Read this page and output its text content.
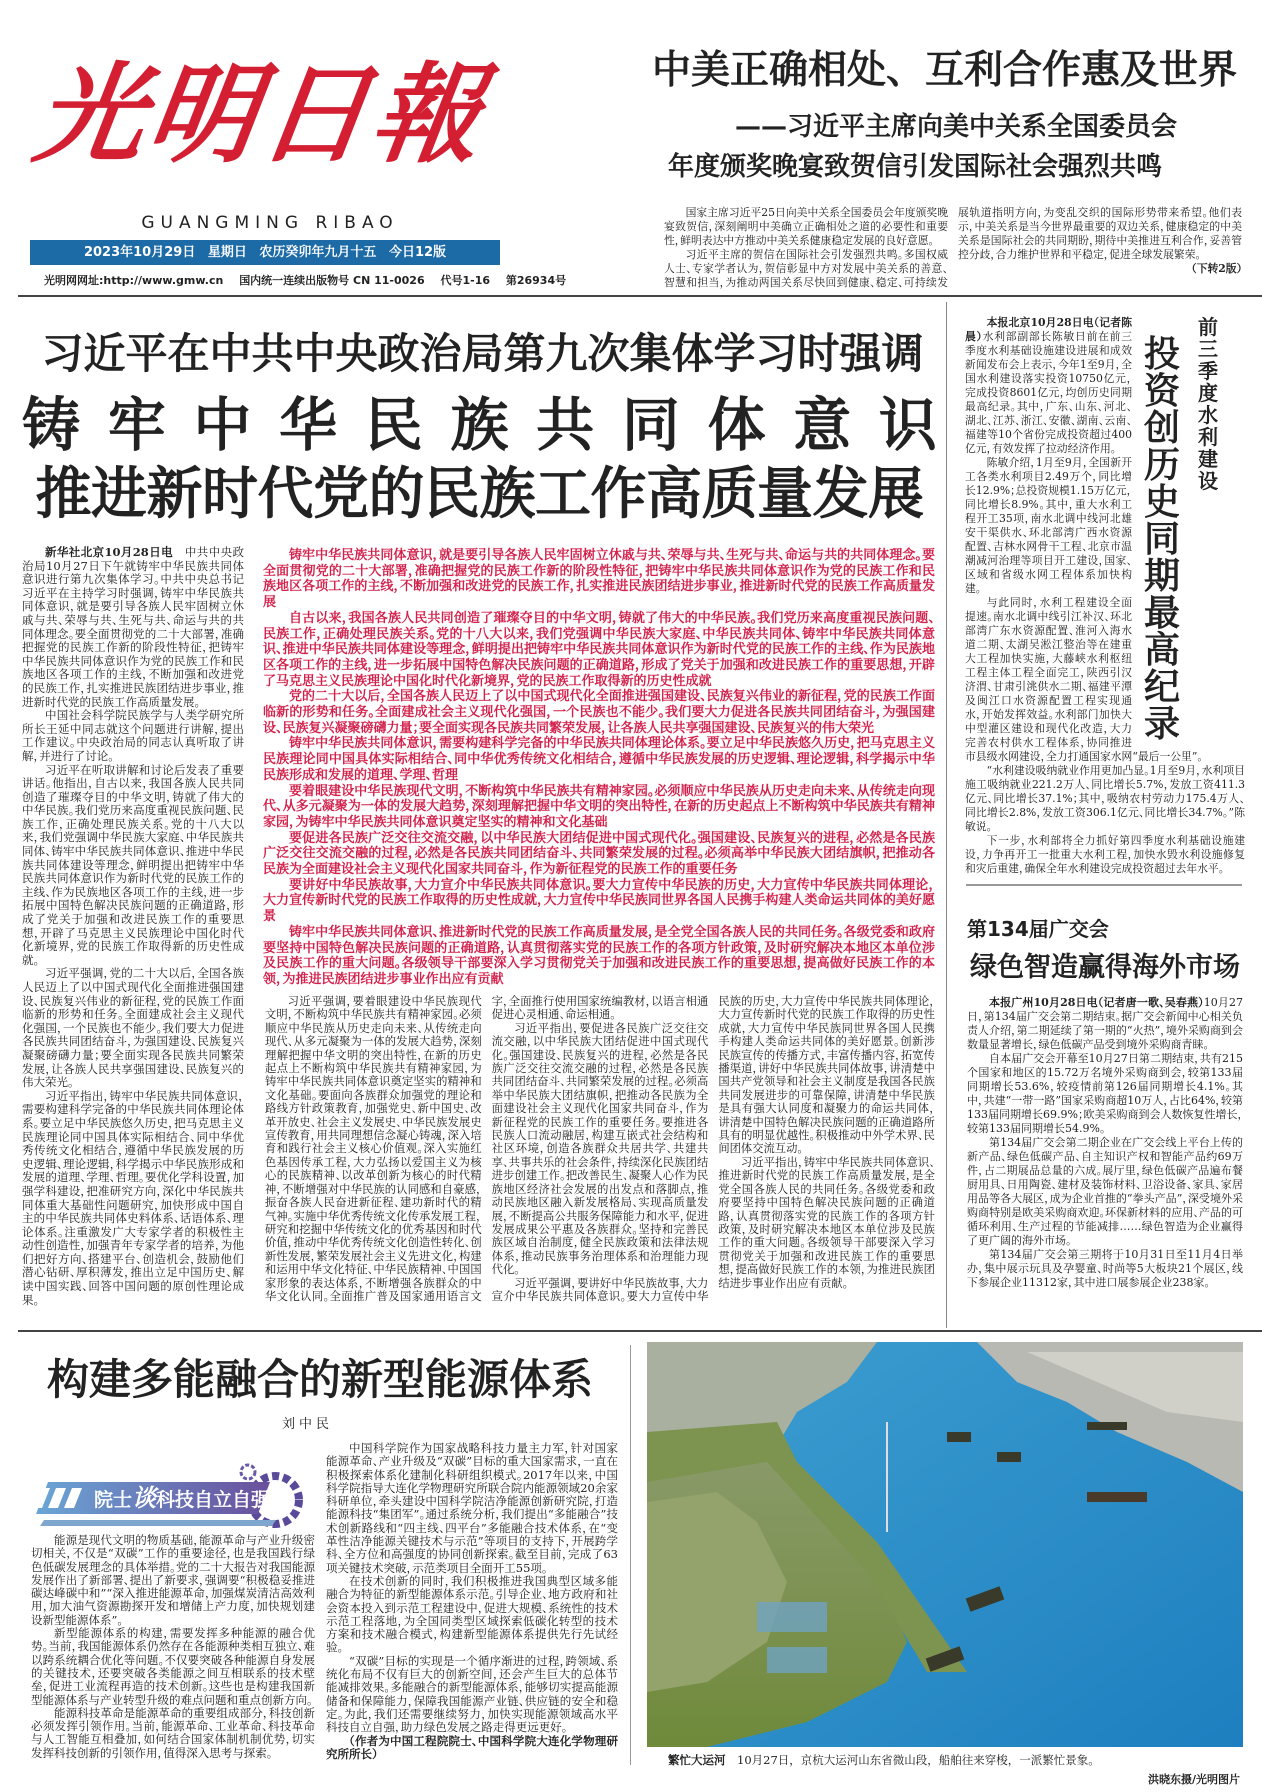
光明日報
GUANGMING RIBAO
2023年10月29日 星期日 农历癸卯年九月十五 今日12版
光明网网址:http://www.gmw.cn 国内统一连续出版物号 CN 11-0026 代号1-16 第26934号
中美正确相处、互利合作惠及世界
——习近平主席向美中关系全国委员会
年度颁奖晚宴致贺信引发国际社会强烈共鸣

国家主席习近平25日向美中关系全国委员会年度颁奖晚宴致贺信，深刻阐明中美确立正确相处之道的必要性和重要性，鲜明表达中方推动中美关系健康稳定发展的良好意愿。

习近平主席的贺信在国际社会引发强烈共鸣。多国权威人士、专家学者认为，贺信彰显中方对发展中美关系的善意、智慧和担当，为推动两国关系尽快回到健康、稳定、可持续发展轨道指明方向，为变乱交织的国际形势带来希望。他们表示，中美关系是当今世界最重要的双边关系，健康稳定的中美关系是国际社会的共同期盼，期待中美推进互利合作，妥善管控分歧，合力维护世界和平稳定，促进全球发展繁荣。
（下转2版）

习近平在中共中央政治局第九次集体学习时强调
铸 牢 中 华 民 族 共 同 体 意 识
推进新时代党的民族工作高质量发展

新华社北京10月28日电　 中共中央政治局10月27日下午就铸牢中华民族共同体意识进行第九次集体学习。中共中央总书记习近平在主持学习时强调，铸牢中华民族共同体意识，就是要引导各族人民牢固树立休戚与共、荣辱与共、生死与共、命运与共的共同体理念。要全面贯彻党的二十大部署，准确把握党的民族工作新的阶段性特征，把铸牢中华民族共同体意识作为党的民族工作和民族地区各项工作的主线，不断加强和改进党的民族工作，扎实推进民族团结进步事业，推进新时代党的民族工作高质量发展。

中国社会科学院民族学与人类学研究所所长王延中同志就这个问题进行讲解，提出工作建议。中央政治局的同志认真听取了讲解，并进行了讨论。

习近平在听取讲解和讨论后发表了重要讲话。他指出，自古以来，我国各族人民共同创造了璀璨夺目的中华文明，铸就了伟大的中华民族。我们党历来高度重视民族问题、民族工作，正确处理民族关系。党的十八大以来，我们党强调中华民族大家庭、中华民族共同体、铸牢中华民族共同体意识、推进中华民族共同体建设等理念，鲜明提出把铸牢中华民族共同体意识作为新时代党的民族工作的主线、作为民族地区各项工作的主线，进一步拓展中国特色解决民族问题的正确道路，形成了党关于加强和改进民族工作的重要思想，开辟了马克思主义民族理论中国化时代化新境界，党的民族工作取得新的历史性成就。

习近平强调，党的二十大以后，全国各族人民迈上了以中国式现代化全面推进强国建设、民族复兴伟业的新征程，党的民族工作面临新的形势和任务。全面建成社会主义现代化强国，一个民族也不能少。我们要大力促进各民族共同团结奋斗，为强国建设、民族复兴凝聚磅礴力量；要全面实现各民族共同繁荣发展，让各族人民共享强国建设、民族复兴的伟大荣光。

习近平指出，铸牢中华民族共同体意识，需要构建科学完备的中华民族共同体理论体系。要立足中华民族悠久历史，把马克思主义民族理论同中国具体实际相结合、同中华优秀传统文化相结合，遵循中华民族发展的历史逻辑、理论逻辑，科学揭示中华民族形成和发展的道理、学理、哲理。要优化学科设置，加强学科建设，把准研究方向，深化中华民族共同体重大基础性问题研究，加快形成中国自主的中华民族共同体史料体系、话语体系、理论体系。注重激发广大专家学者的积极性主动性创造性，加强青年专家学者的培养，为他们把好方向、搭建平台、创造机会，鼓励他们潜心钻研、厚积薄发，推出立足中国历史、解读中国实践、回答中国问题的原创性理论成果。

铸牢中华民族共同体意识，就是要引导各族人民牢固树立休戚与共、荣辱与共、生死与共、命运与共的共同体理念。要全面贯彻党的二十大部署，准确把握党的民族工作新的阶段性特征，把铸牢中华民族共同体意识作为党的民族工作和民族地区各项工作的主线，不断加强和改进党的民族工作，扎实推进民族团结进步事业，推进新时代党的民族工作高质量发展

自古以来，我国各族人民共同创造了璀璨夺目的中华文明，铸就了伟大的中华民族。我们党历来高度重视民族问题、民族工作，正确处理民族关系。党的十八大以来，我们党强调中华民族大家庭、中华民族共同体、铸牢中华民族共同体意识、推进中华民族共同体建设等理念，鲜明提出把铸牢中华民族共同体意识作为新时代党的民族工作的主线、作为民族地区各项工作的主线，进一步拓展中国特色解决民族问题的正确道路，形成了党关于加强和改进民族工作的重要思想，开辟了马克思主义民族理论中国化时代化新境界，党的民族工作取得新的历史性成就

党的二十大以后，全国各族人民迈上了以中国式现代化全面推进强国建设、民族复兴伟业的新征程，党的民族工作面临新的形势和任务。全面建成社会主义现代化强国，一个民族也不能少。我们要大力促进各民族共同团结奋斗，为强国建设、民族复兴凝聚磅礴力量；要全面实现各民族共同繁荣发展，让各族人民共享强国建设、民族复兴的伟大荣光

铸牢中华民族共同体意识，需要构建科学完备的中华民族共同体理论体系。要立足中华民族悠久历史，把马克思主义民族理论同中国具体实际相结合、同中华优秀传统文化相结合，遵循中华民族发展的历史逻辑、理论逻辑，科学揭示中华民族形成和发展的道理、学理、哲理

要着眼建设中华民族现代文明，不断构筑中华民族共有精神家园。必须顺应中华民族从历史走向未来、从传统走向现代、从多元凝聚为一体的发展大趋势，深刻理解把握中华文明的突出特性，在新的历史起点上不断构筑中华民族共有精神家园，为铸牢中华民族共同体意识奠定坚实的精神和文化基础

要促进各民族广泛交往交流交融，以中华民族大团结促进中国式现代化。强国建设、民族复兴的进程，必然是各民族广泛交往交流交融的过程，必然是各民族共同团结奋斗、共同繁荣发展的过程。必须高举中华民族大团结旗帜，把推动各民族为全面建设社会主义现代化国家共同奋斗，作为新征程党的民族工作的重要任务

要讲好中华民族故事，大力宣介中华民族共同体意识。要大力宣传中华民族的历史，大力宣传中华民族共同体理论，大力宣传新时代党的民族工作取得的历史性成就，大力宣传中华民族同世界各国人民携手构建人类命运共同体的美好愿景

铸牢中华民族共同体意识、推进新时代党的民族工作高质量发展，是全党全国各族人民的共同任务。各级党委和政府要坚持中国特色解决民族问题的正确道路，认真贯彻落实党的民族工作的各项方针政策，及时研究解决本地区本单位涉及民族工作的重大问题。各级领导干部要深入学习贯彻党关于加强和改进民族工作的重要思想，提高做好民族工作的本领，为推进民族团结进步事业作出应有贡献

习近平强调，要着眼建设中华民族现代文明，不断构筑中华民族共有精神家园。必须顺应中华民族从历史走向未来、从传统走向现代、从多元凝聚为一体的发展大趋势，深刻理解把握中华文明的突出特性，在新的历史起点上不断构筑中华民族共有精神家园，为铸牢中华民族共同体意识奠定坚实的精神和文化基础。要面向各族群众加强党的理论和路线方针政策教育，加强党史、新中国史、改革开放史、社会主义发展史、中华民族发展史宣传教育，用共同理想信念凝心铸魂，深入培育和践行社会主义核心价值观。深入实施红色基因传承工程，大力弘扬以爱国主义为核心的民族精神、以改革创新为核心的时代精神，不断增强对中华民族的认同感和自豪感，振奋各族人民奋进新征程、建功新时代的精气神。实施中华优秀传统文化传承发展工程，研究和挖掘中华传统文化的优秀基因和时代价值，推动中华优秀传统文化创造性转化、创新性发展，繁荣发展社会主义先进文化，构建和运用中华文化特征、中华民族精神、中国国家形象的表达体系，不断增强各族群众的中华文化认同。全面推广普及国家通用语言文字，全面推行使用国家统编教材，以语言相通促进心灵相通、命运相通。

习近平指出，要促进各民族广泛交往交流交融，以中华民族大团结促进中国式现代化。强国建设、民族复兴的进程，必然是各民族广泛交往交流交融的过程，必然是各民族共同团结奋斗、共同繁荣发展的过程。必须高举中华民族大团结旗帜，把推动各民族为全面建设社会主义现代化国家共同奋斗，作为新征程党的民族工作的重要任务。要推进各民族人口流动融居，构建互嵌式社会结构和社区环境，创造各族群众共居共学、共建共享、共事共乐的社会条件，持续深化民族团结进步创建工作。把改善民生、凝聚人心作为民族地区经济社会发展的出发点和落脚点，推动民族地区融入新发展格局、实现高质量发展，不断提高公共服务保障能力和水平，促进发展成果公平惠及各族群众。坚持和完善民族区域自治制度，健全民族政策和法律法规体系，推动民族事务治理体系和治理能力现代化。

习近平强调，要讲好中华民族故事，大力宣介中华民族共同体意识。要大力宣传中华民族的历史，大力宣传中华民族共同体理论，大力宣传新时代党的民族工作取得的历史性成就，大力宣传中华民族同世界各国人民携手构建人类命运共同体的美好愿景。创新涉民族宣传的传播方式，丰富传播内容，拓宽传播渠道，讲好中华民族共同体故事，讲清楚中国共产党领导和社会主义制度是我国各民族共同发展进步的可靠保障，讲清楚中华民族是具有强大认同度和凝聚力的命运共同体，讲清楚中国特色解决民族问题的正确道路所具有的明显优越性。积极推动中外学术界、民间团体交流互动。

习近平指出，铸牢中华民族共同体意识、推进新时代党的民族工作高质量发展，是全党全国各族人民的共同任务。各级党委和政府要坚持中国特色解决民族问题的正确道路，认真贯彻落实党的民族工作的各项方针政策，及时研究解决本地区本单位涉及民族工作的重大问题。各级领导干部要深入学习贯彻党关于加强和改进民族工作的重要思想，提高做好民族工作的本领，为推进民族团结进步事业作出应有贡献。

投资创历史同期最高纪录
前三季度水利建设

本报北京10月28日电（记者陈晨）水利部副部长陈敏日前在前三季度水利基础设施建设进展和成效新闻发布会上表示，今年1至9月，全国水利建设落实投资10750亿元，完成投资8601亿元，均创历史同期最高纪录。其中，广东、山东、河北、湖北、江苏、浙江、安徽、湖南、云南、福建等10个省份完成投资超过400亿元，有效发挥了拉动经济作用。

陈敏介绍，1月至9月，全国新开工各类水利项目2.49万个，同比增长12.9%；总投资规模1.15万亿元，同比增长8.9%。其中，重大水利工程开工35项，南水北调中线河北雄安干渠供水、环北部湾广西水资源配置、吉林水网骨干工程、北京市温潮减河治理等项目开工建设，国家、区域和省级水网工程体系加快构建。

与此同时，水利工程建设全面提速。南水北调中线引江补汉、环北部湾广东水资源配置、淮河入海水道二期、太湖吴淞江整治等在建重大工程加快实施，大藤峡水利枢纽工程主体工程全面完工，陕西引汉济渭、甘肃引洮供水二期、福建平潭及闽江口水资源配置工程实现通水，开始发挥效益。水利部门加快大中型灌区建设和现代化改造，大力完善农村供水工程体系，协同推进市县级水网建设，全力打通国家水网“最后一公里”。

“水利建设吸纳就业作用更加凸显。1月至9月，水利项目施工吸纳就业221.2万人、同比增长5.7%，发放工资411.3亿元、同比增长37.1%；其中，吸纳农村劳动力175.4万人、同比增长2.8%，发放工资306.1亿元、同比增长34.7%。”陈敏说。

下一步，水利部将全力抓好第四季度水利基础设施建设，力争再开工一批重大水利工程，加快水毁水利设施修复和灾后重建，确保全年水利建设完成投资超过去年水平。

第134届广交会
绿色智造赢得海外市场

本报广州10月28日电（记者唐一歌、吴春燕）10月27日，第134届广交会第二期结束。据广交会新闻中心相关负责人介绍，第二期延续了第一期的“火热”，境外采购商到会数量显著增长，绿色低碳产品受到境外采购商青睐。

自本届广交会开幕至10月27日第二期结束，共有215个国家和地区的15.72万名境外采购商到会，较第133届同期增长53.6%，较疫情前第126届同期增长4.1%。其中，共建“一带一路”国家采购商超10万人，占比64%，较第133届同期增长69.9%；欧美采购商到会人数恢复性增长，较第133届同期增长54.9%。

第134届广交会第二期企业在广交会线上平台上传的新产品、绿色低碳产品、自主知识产权和智能产品约69万件，占二期展品总量的六成。展厅里，绿色低碳产品遍布餐厨用具、日用陶瓷、建材及装饰材料、卫浴设备、家具、家居用品等各大展区，成为企业首推的“拳头产品”，深受境外采购商特别是欧美采购商欢迎。环保新材料的应用、产品的可循环利用、生产过程的节能减排……绿色智造为企业赢得了更广阔的海外市场。

第134届广交会第三期将于10月31日至11月4日举办，集中展示玩具及孕婴童、时尚等5大板块21个展区，线下参展企业11312家，其中进口展参展企业238家。

构建多能融合的新型能源体系
刘中民
院士谈科技自立自强

能源是现代文明的物质基础，能源革命与产业升级密切相关，不仅是“双碳”工作的重要途径，也是我国践行绿色低碳发展理念的具体举措。党的二十大报告对我国能源发展作出了新部署、提出了新要求，强调要“积极稳妥推进碳达峰碳中和”“深入推进能源革命，加强煤炭清洁高效利用，加大油气资源勘探开发和增储上产力度，加快规划建设新型能源体系”。

新型能源体系的构建，需要发挥多种能源的融合优势。当前，我国能源体系仍然存在各能源种类相互独立、难以跨系统耦合优化等问题。不仅要突破各种能源自身发展的关键技术，还要突破各类能源之间互相联系的技术壁垒，促进工业流程再造的技术创新。这些也是构建我国新型能源体系与产业转型升级的难点问题和重点创新方向。

能源科技革命是能源革命的重要组成部分，科技创新必须发挥引领作用。当前，能源革命、工业革命、科技革命与人工智能互相叠加，如何结合国家体制机制优势，切实发挥科技创新的引领作用，值得深入思考与探索。

中国科学院作为国家战略科技力量主力军，针对国家能源革命、产业升级及“双碳”目标的重大国家需求，一直在积极探索体系化建制化科研组织模式。2017年以来，中国科学院指导大连化学物理研究所联合院内能源领域20余家科研单位，牵头建设中国科学院洁净能源创新研究院，打造能源科技“集团军”。通过系统分析，我们提出“多能融合”技术创新路线和“四主线、四平台”多能融合技术体系，在“变革性洁净能源关键技术与示范”等项目的支持下，开展跨学科、全方位和高强度的协同创新探索。截至目前，完成了63项关键技术突破，示范类项目全面开工55项。

在技术创新的同时，我们积极推进我国典型区域多能融合为特征的新型能源体系示范。引导企业、地方政府和社会资本投入到示范工程建设中，促进大规模、系统性的技术示范工程落地，为全国同类型区域探索低碳化转型的技术方案和技术融合模式，构建新型能源体系提供先行先试经验。

“双碳”目标的实现是一个循序渐进的过程，跨领域、系统化布局不仅有巨大的创新空间，还会产生巨大的总体节能减排效果。多能融合的新型能源体系，能够切实提高能源储备和保障能力，保障我国能源产业链、供应链的安全和稳定。为此，我们还需要继续努力，加快实现能源领域高水平科技自立自强，助力绿色发展之路走得更远更好。

（作者为中国工程院院士、中国科学院大连化学物理研究所所长）	繁忙大运河　 10月27日，京杭大运河山东省微山段，船舶往来穿梭，一派繁忙景象。
洪晓东摄/光明图片
